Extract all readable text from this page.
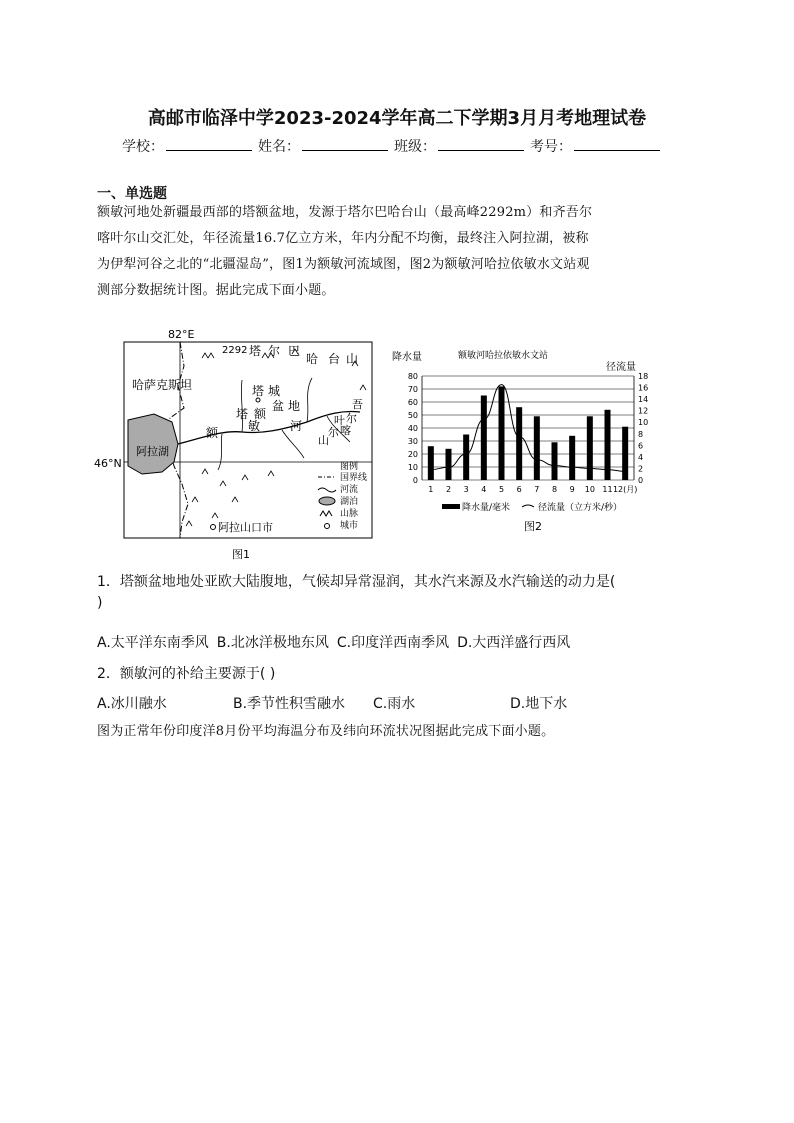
高邮市临泽中学2023-2024学年高二下学期3月月考地理试卷
学校：	姓名：	班级：	考号：
一、单选题
额敏河地处新疆最西部的塔额盆地，发源于塔尔巴哈台山（最高峰2292m）和齐吾尔
喀叶尔山交汇处，年径流量16.7亿立方米，年内分配不均衡，最终注入阿拉湖，被称
为伊犁河谷之北的“北疆湿岛”，图1为额敏河流域图，图2为额敏河哈拉依敏水文站观
测部分数据统计图。据此完成下面小题。
82°E
46°N
阿拉湖
哈萨克斯坦
2292 塔 尔 巴
哈 台 山
塔 城
塔 额
盆 地
额 敏 河
吾
尔
喀
叶
尔
山
图例
国界线
河流
湖泊
山脉
城市
阿拉山口市
图1
降水量	额敏河哈拉依敏水文站
径流量
0
10
20
30
40
50
60
70
80
0
2
4
6
8
10
12
14
16
18
1 2 3 4 5 6 7 8 9 10 11 12(月)
降水量/毫米	径流量（立方米/秒）
图2
1．塔额盆地地处亚欧大陆腹地，气候却异常湿润，其水汽来源及水汽输送的动力是(
)
A.太平洋东南季风 B.北冰洋极地东风 C.印度洋西南季风 D.大西洋盛行西风
2．额敏河的补给主要源于( )
A.冰川融水	B.季节性积雪融水	C.雨水	D.地下水
图为正常年份印度洋8月份平均海温分布及纬向环流状况图据此完成下面小题。
